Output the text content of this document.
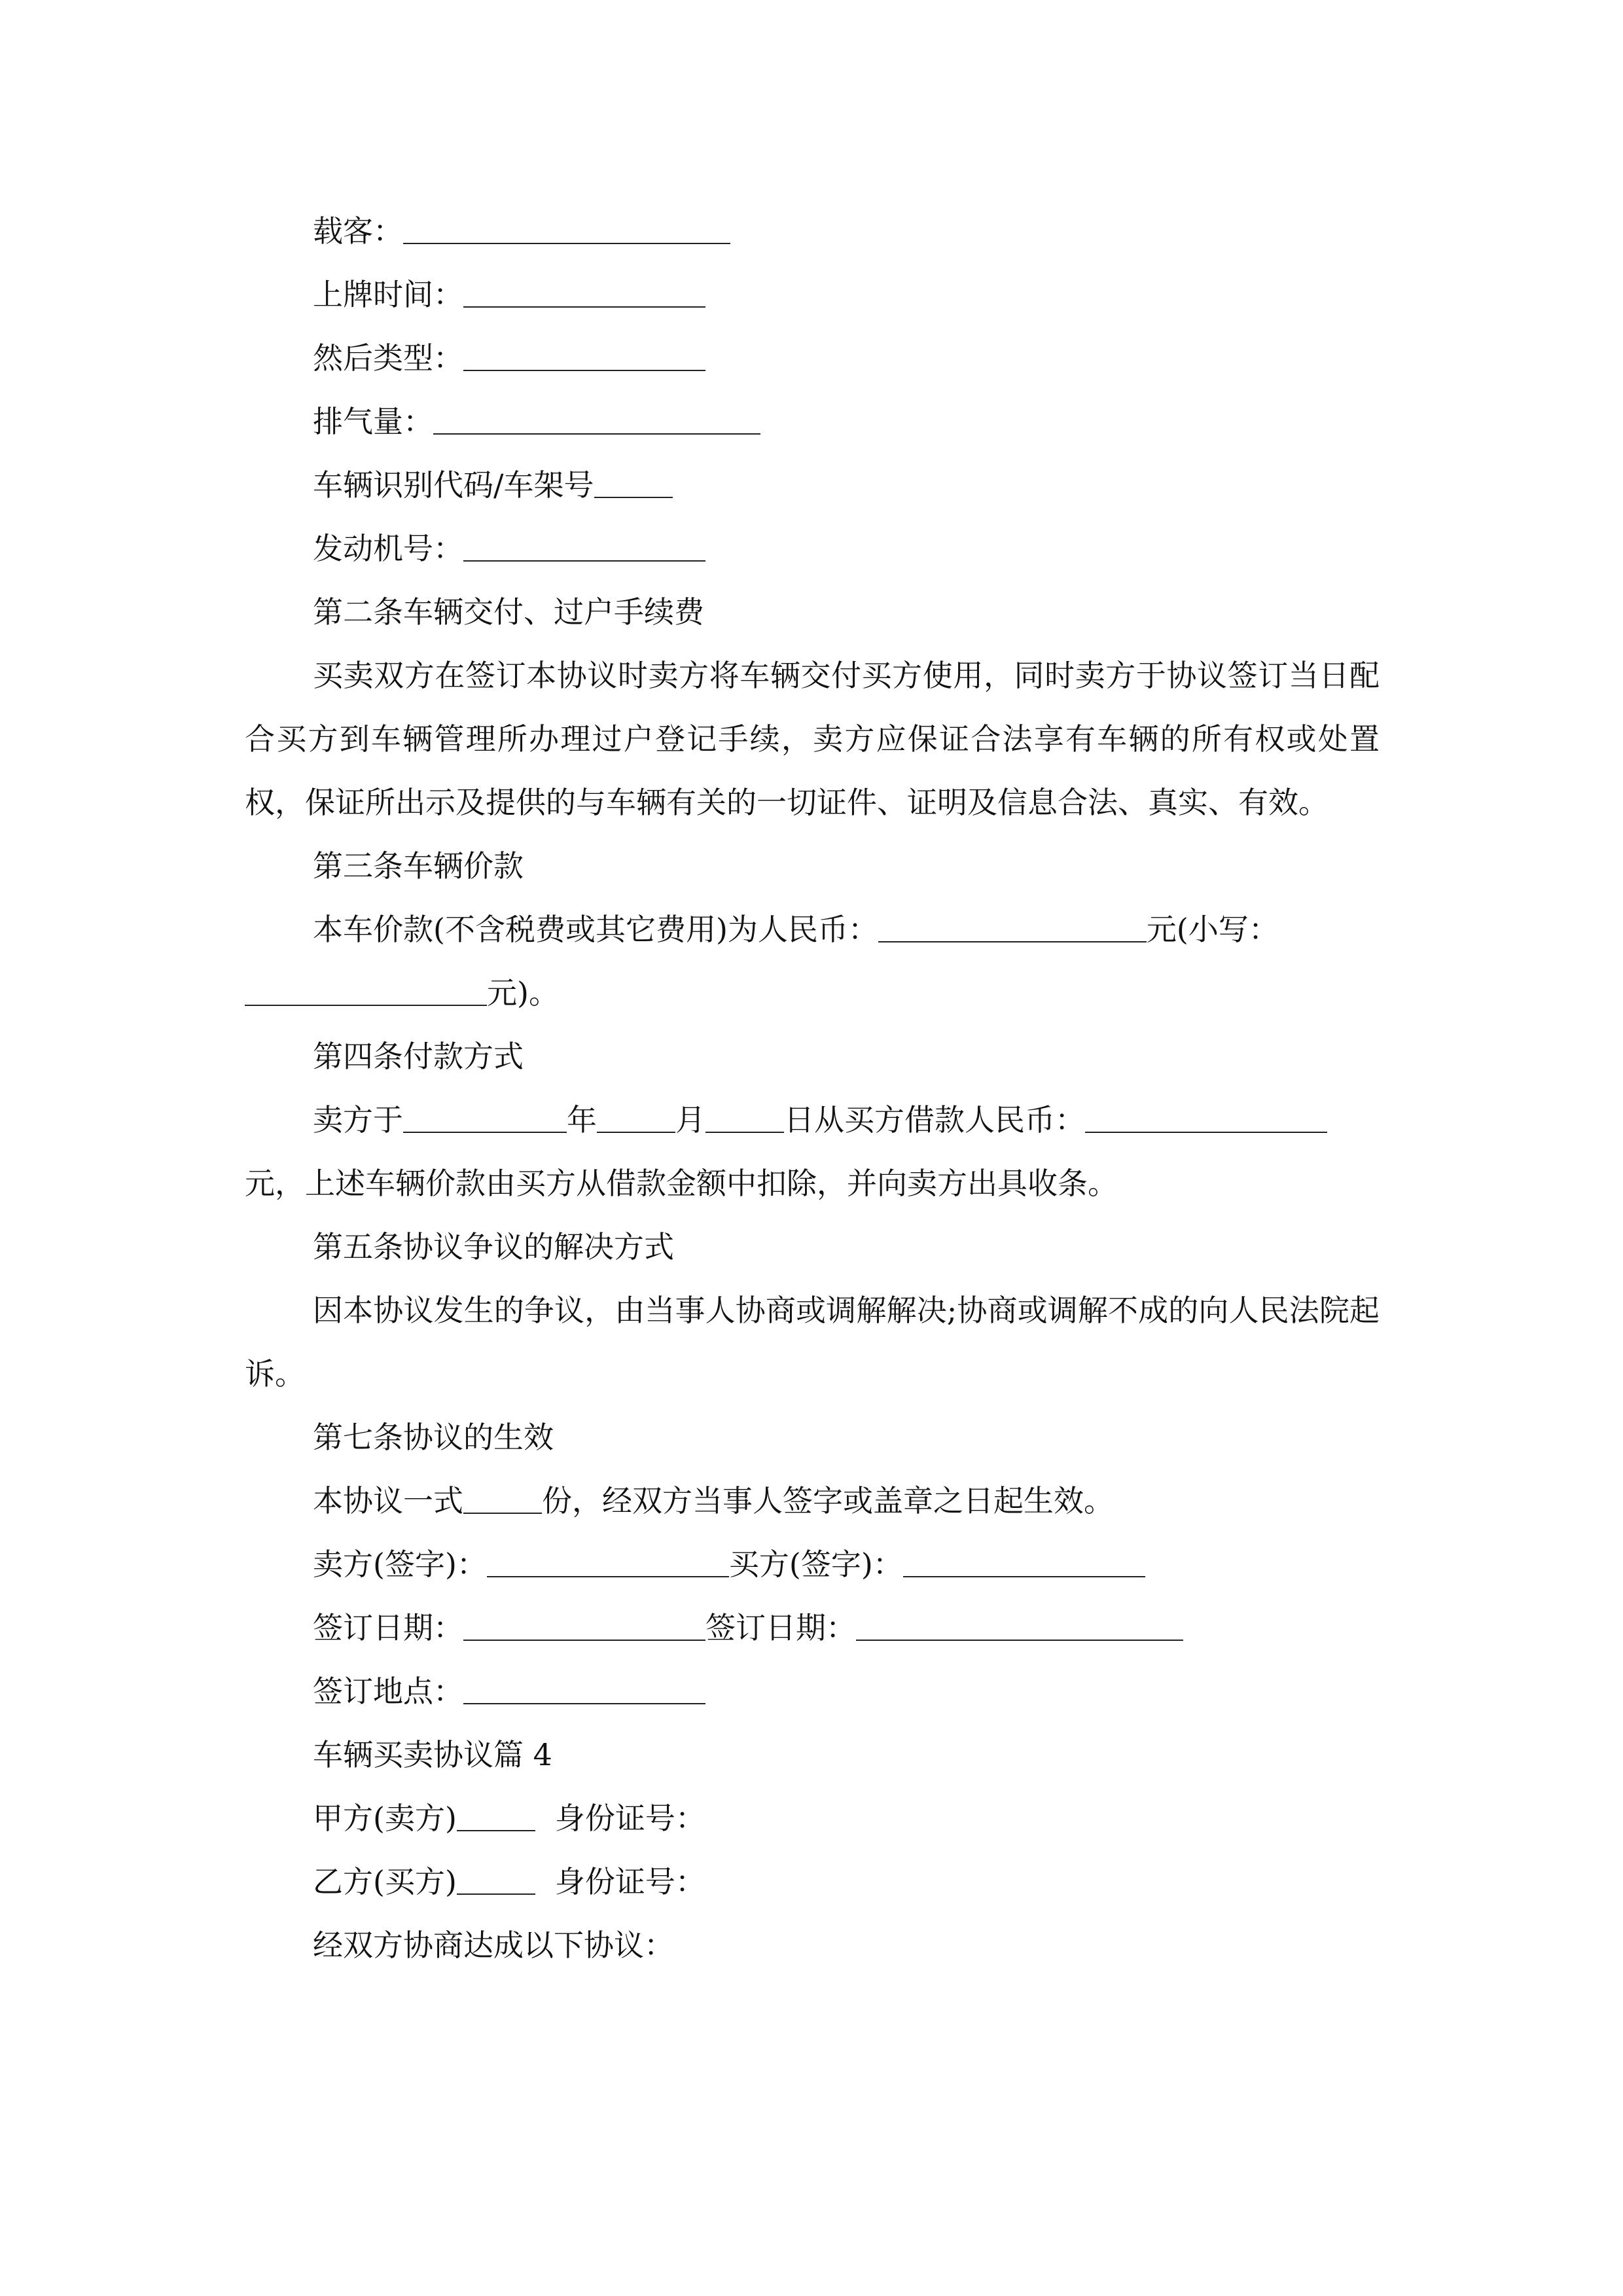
载客：
上牌时间：
然后类型：
排气量：
车辆识别代码/车架号
发动机号：
第二条车辆交付、过户手续费

买卖双方在签订本协议时卖方将车辆交付买方使用，同时卖方于协议签订当日配合买方到车辆管理所办理过户登记手续，卖方应保证合法享有车辆的所有权或处置权，保证所出示及提供的与车辆有关的一切证件、证明及信息合法、真实、有效。

第三条车辆价款
本车价款(不含税费或其它费用)为人民币：	元(小写：
元)。
第四条付款方式
卖方于	年	月	日从买方借款人民币：
元，上述车辆价款由买方从借款金额中扣除，并向卖方出具收条。
第五条协议争议的解决方式

因本协议发生的争议，由当事人协商或调解解决;协商或调解不成的向人民法院起诉。

第七条协议的生效
本协议一式	份，经双方当事人签字或盖章之日起生效。
卖方(签字)：	买方(签字)：
签订日期：	签订日期：
签订地点：
车辆买卖协议篇 4
甲方(卖方)	身份证号：
乙方(买方)	身份证号：
经双方协商达成以下协议：
